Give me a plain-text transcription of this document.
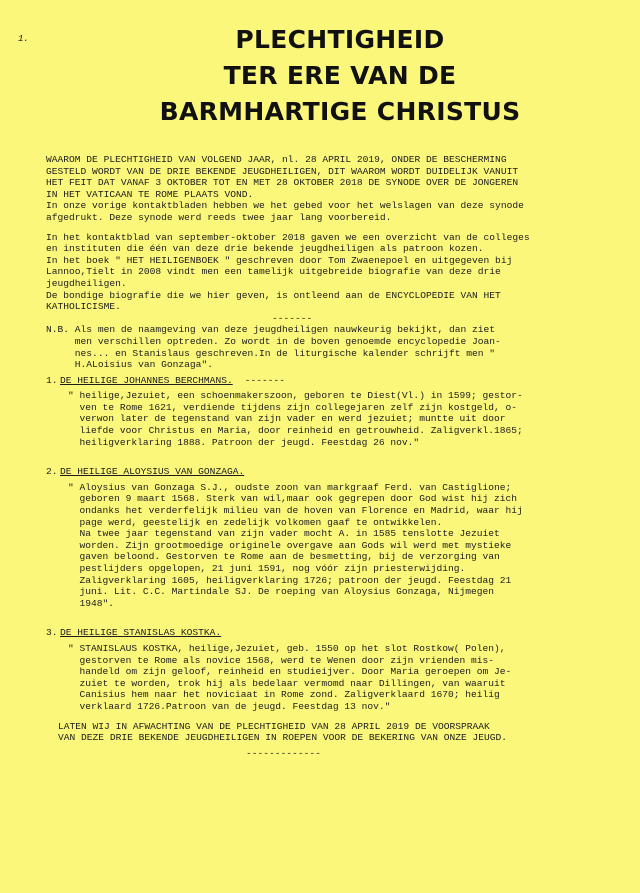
1.	PLECHTIGHEID
TER ERE VAN DE
BARMHARTIGE CHRISTUS
WAAROM DE PLECHTIGHEID VAN VOLGEND JAAR, nl. 28 APRIL 2019, ONDER DE BESCHERMING
GESTELD WORDT VAN DE DRIE BEKENDE JEUGDHEILIGEN, DIT WAAROM WORDT DUIDELIJK VANUIT
HET FEIT DAT VANAF 3 OKTOBER TOT EN MET 28 OKTOBER 2018 DE SYNODE OVER DE JONGEREN
IN HET VATICAAN TE ROME PLAATS VOND.
In onze vorige kontaktbladen hebben we het gebed voor het welslagen van deze synode
afgedrukt. Deze synode werd reeds twee jaar lang voorbereid.
In het kontaktblad van september-oktober 2018 gaven we een overzicht van de colleges
en instituten die één van deze drie bekende jeugdheiligen als patroon kozen.
In het boek " HET HEILIGENBOEK " geschreven door Tom Zwaenepoel en uitgegeven bij
Lannoo,Tielt in 2008 vindt men een tamelijk uitgebreide biografie van deze drie
jeugdheiligen.
De bondige biografie die we hier geven, is ontleend aan de ENCYCLOPEDIE VAN HET
KATHOLICISME.
-------
N.B. Als men de naamgeving van deze jeugdheiligen nauwkeurig bekijkt, dan ziet
men verschillen optreden. Zo wordt in de boven genoemde encyclopedie Joan-
nes... en Stanislaus geschreven.In de liturgische kalender schrijft men "
H.ALoisius van Gonzaga".
1. DE HEILIGE JOHANNES BERCHMANS. -------
" heilige,Jezuiet, een schoenmakerszoon, geboren te Diest(Vl.) in 1599; gestor-
ven te Rome 1621, verdiende tijdens zijn collegejaren zelf zijn kostgeld, o-
verwon later de tegenstand van zijn vader en werd jezuiet; muntte uit door
liefde voor Christus en Maria, door reinheid en getrouwheid. Zaligverkl.1865;
heiligverklaring 1888. Patroon der jeugd. Feestdag 26 nov."
2. DE HEILIGE ALOYSIUS VAN GONZAGA.
" Aloysius van Gonzaga S.J., oudste zoon van markgraaf Ferd. van Castiglione;
geboren 9 maart 1568. Sterk van wil,maar ook gegrepen door God wist hij zich
ondanks het verderfelijk milieu van de hoven van Florence en Madrid, waar hij
page werd, geestelijk en zedelijk volkomen gaaf te ontwikkelen.
Na twee jaar tegenstand van zijn vader mocht A. in 1585 tenslotte Jezuiet
worden. Zijn grootmoedige originele overgave aan Gods wil werd met mystieke
gaven beloond. Gestorven te Rome aan de besmetting, bij de verzorging van
pestlijders opgelopen, 21 juni 1591, nog vóór zijn priesterwijding.
Zaligverklaring 1605, heiligverklaring 1726; patroon der jeugd. Feestdag 21
juni. Lit. C.C. Martindale SJ. De roeping van Aloysius Gonzaga, Nijmegen
1948".
3. DE HEILIGE STANISLAS KOSTKA.
" STANISLAUS KOSTKA, heilige,Jezuiet, geb. 1550 op het slot Rostkow( Polen),
gestorven te Rome als novice 1568, werd te Wenen door zijn vrienden mis-
handeld om zijn geloof, reinheid en studieijver. Door Maria geroepen om Je-
zuiet te worden, trok hij als bedelaar vermomd naar Dillingen, van waaruit
Canisius hem naar het noviciaat in Rome zond. Zaligverklaard 1670; heilig
verklaard 1726.Patroon van de jeugd. Feestdag 13 nov."
LATEN WIJ IN AFWACHTING VAN DE PLECHTIGHEID VAN 28 APRIL 2019 DE VOORSPRAAK
VAN DEZE DRIE BEKENDE JEUGDHEILIGEN IN ROEPEN VOOR DE BEKERING VAN ONZE JEUGD.
-------------
